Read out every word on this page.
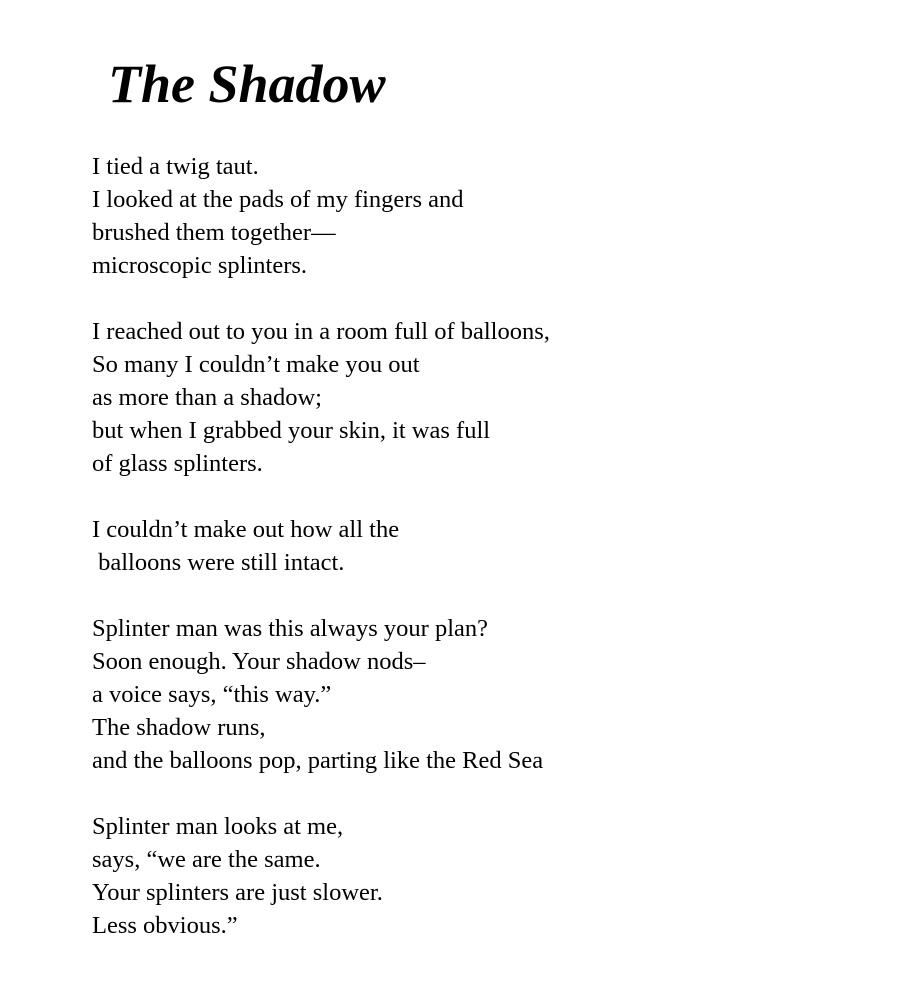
The Shadow
I tied a twig taut.
I looked at the pads of my fingers and
brushed them together—
microscopic splinters.
I reached out to you in a room full of balloons,
So many I couldn’t make you out
as more than a shadow;
but when I grabbed your skin, it was full
of glass splinters.
I couldn’t make out how all the
balloons were still intact.
Splinter man was this always your plan?
Soon enough. Your shadow nods–
a voice says, “this way.”
The shadow runs,
and the balloons pop, parting like the Red Sea
Splinter man looks at me,
says, “we are the same.
Your splinters are just slower.
Less obvious.”
